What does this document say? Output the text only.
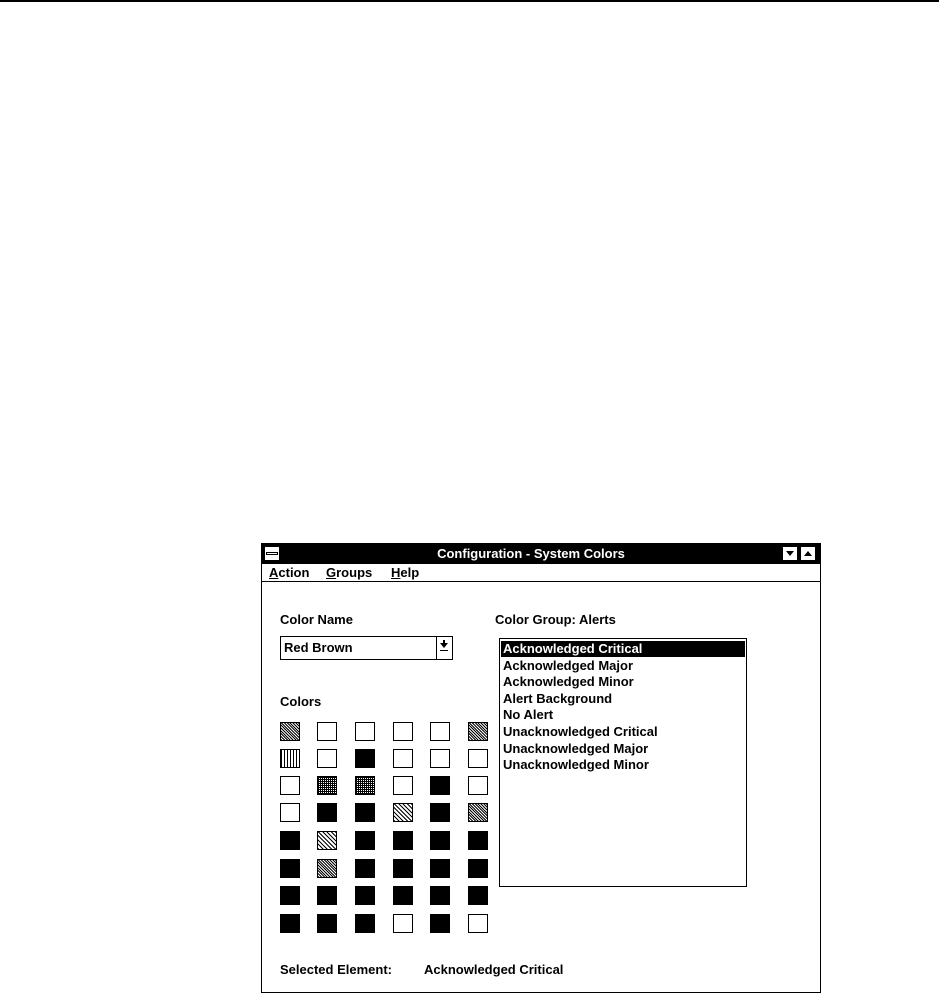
Configuration - System Colors
Action Groups Help
Color Name
Red Brown
Colors
Color Group: Alerts
Acknowledged Critical
Acknowledged Major
Acknowledged Minor
Alert Background
No Alert
Unacknowledged Critical
Unacknowledged Major
Unacknowledged Minor
Selected Element: Acknowledged Critical
